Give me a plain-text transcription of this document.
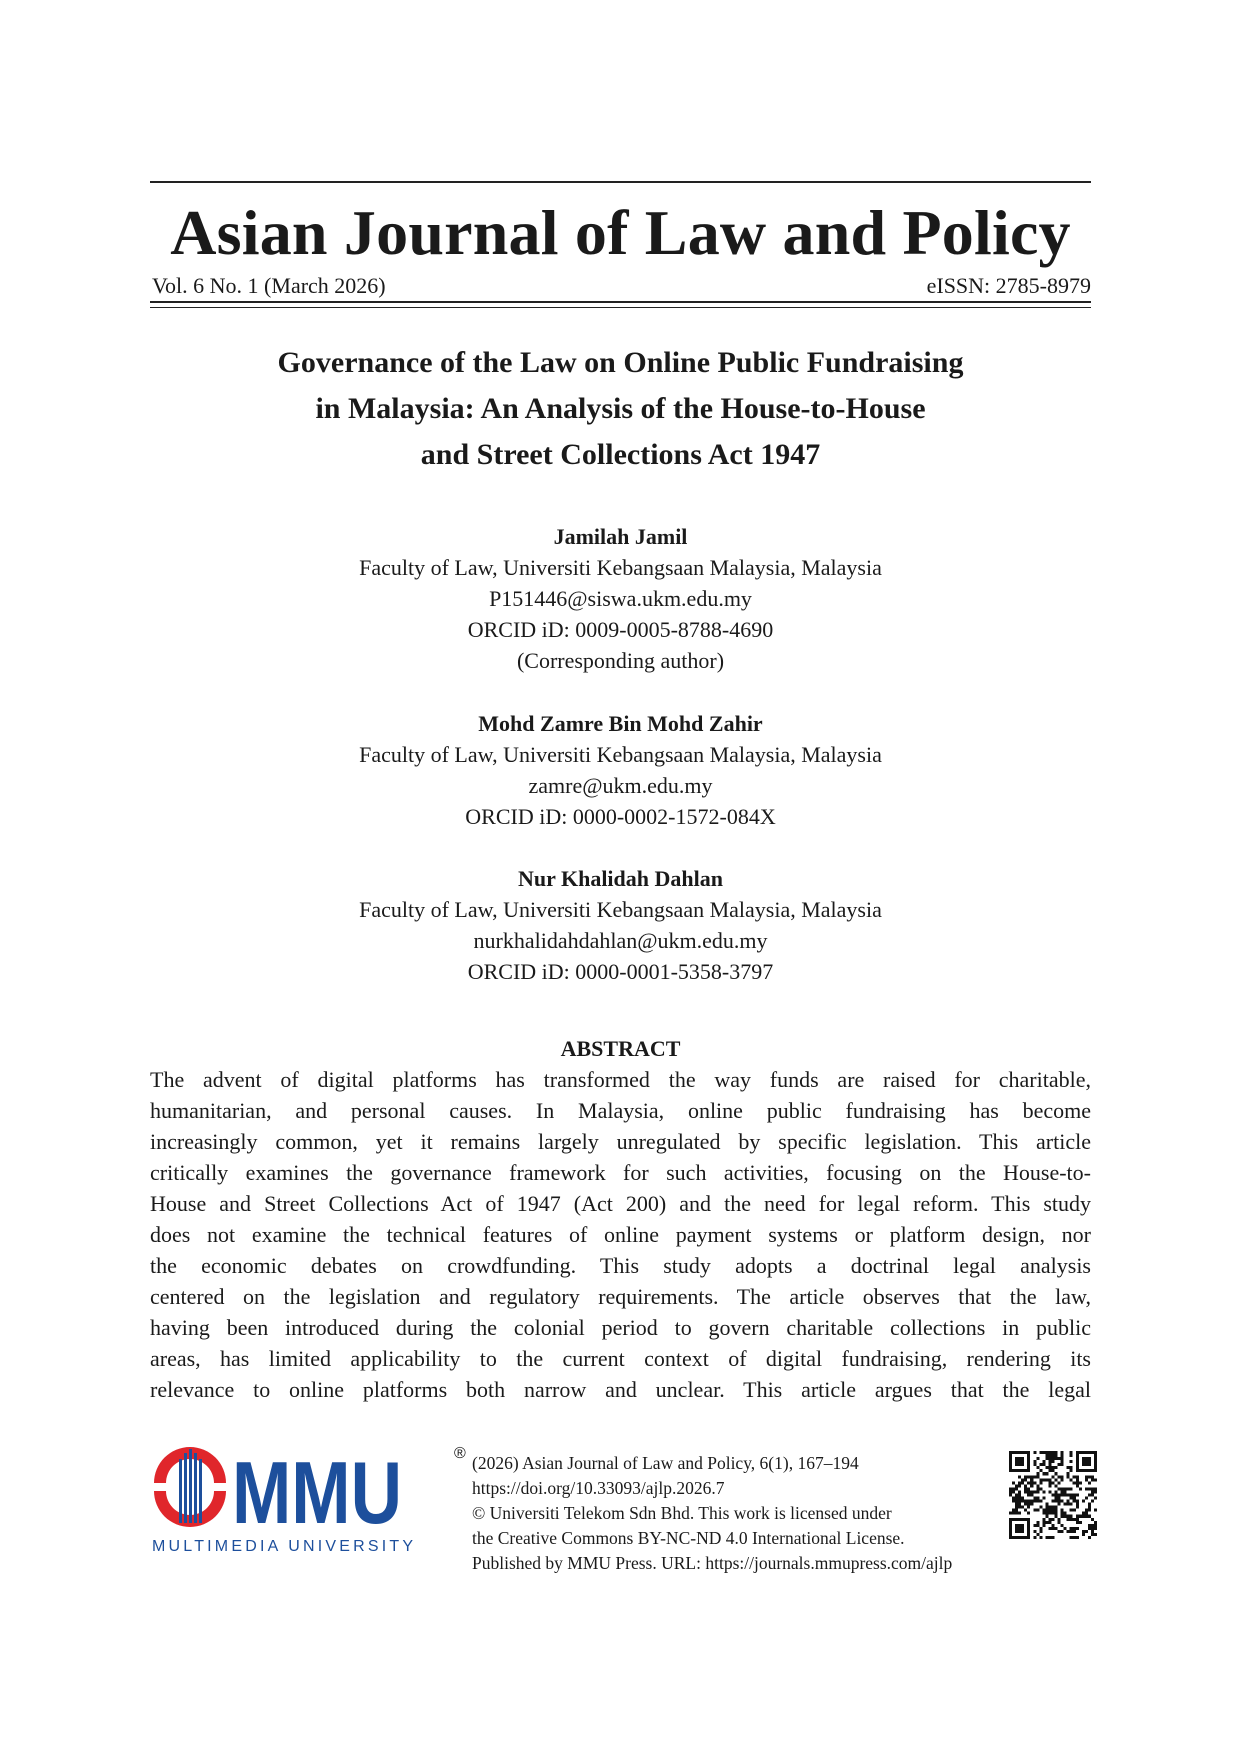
Asian Journal of Law and Policy
Vol. 6 No. 1 (March 2026)	eISSN: 2785-8979
Governance of the Law on Online Public Fundraising
in Malaysia: An Analysis of the House-to-House
and Street Collections Act 1947
Jamilah Jamil
Faculty of Law, Universiti Kebangsaan Malaysia, Malaysia
P151446@siswa.ukm.edu.my
ORCID iD: 0009-0005-8788-4690
(Corresponding author)
Mohd Zamre Bin Mohd Zahir
Faculty of Law, Universiti Kebangsaan Malaysia, Malaysia
zamre@ukm.edu.my
ORCID iD: 0000-0002-1572-084X
Nur Khalidah Dahlan
Faculty of Law, Universiti Kebangsaan Malaysia, Malaysia
nurkhalidahdahlan@ukm.edu.my
ORCID iD: 0000-0001-5358-3797
ABSTRACT
The advent of digital platforms has transformed the way funds are raised for charitable,
humanitarian, and personal causes. In Malaysia, online public fundraising has become
increasingly common, yet it remains largely unregulated by specific legislation. This article
critically examines the governance framework for such activities, focusing on the House-to-
House and Street Collections Act of 1947 (Act 200) and the need for legal reform. This study
does not examine the technical features of online payment systems or platform design, nor
the economic debates on crowdfunding. This study adopts a doctrinal legal analysis
centered on the legislation and regulatory requirements. The article observes that the law,
having been introduced during the colonial period to govern charitable collections in public
areas, has limited applicability to the current context of digital fundraising, rendering its
relevance to online platforms both narrow and unclear. This article argues that the legal
MMU
MULTIMEDIA UNIVERSITY
® (2026) Asian Journal of Law and Policy, 6(1), 167–194
https://doi.org/10.33093/ajlp.2026.7
© Universiti Telekom Sdn Bhd. This work is licensed under
the Creative Commons BY-NC-ND 4.0 International License.
Published by MMU Press. URL: https://journals.mmupress.com/ajlp
